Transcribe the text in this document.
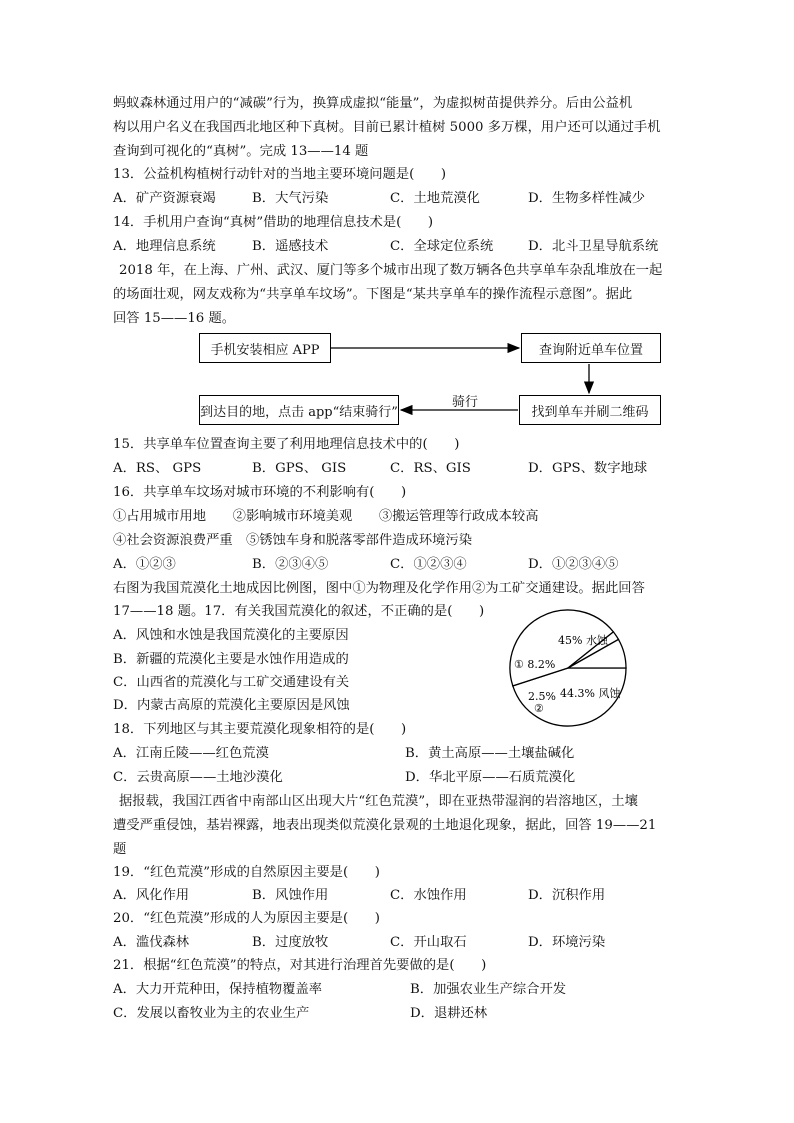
蚂蚁森林通过用户的“减碳”行为，换算成虚拟“能量”，为虚拟树苗提供养分。后由公益机
构以用户名义在我国西北地区种下真树。目前已累计植树 5000 多万棵，用户还可以通过手机
查询到可视化的“真树”。完成 13——14 题
13．公益机构植树行动针对的当地主要环境问题是(　　)
A．矿产资源衰竭	B．大气污染	C．土地荒漠化	D．生物多样性减少
14．手机用户查询“真树”借助的地理信息技术是(　　)
A．地理信息系统	B．遥感技术	C．全球定位系统	D．北斗卫星导航系统
2018 年，在上海、广州、武汉、厦门等多个城市出现了数万辆各色共享单车杂乱堆放在一起
的场面壮观，网友戏称为“共享单车坟场”。下图是“某共享单车的操作流程示意图”。据此
回答 15——16 题。
手机安装相应 APP	查询附近单车位置
找到单车并刷二维码
到达目的地，点击 app“结束骑行”
骑行
15．共享单车位置查询主要了利用地理信息技术中的(　　)
A．RS、 GPS	B．GPS、 GIS	C．RS、GIS	D．GPS、数字地球
16．共享单车坟场对城市环境的不利影响有(　　)
①占用城市用地　　②影响城市环境美观　　③搬运管理等行政成本较高
④社会资源浪费严重　⑤锈蚀车身和脱落零部件造成环境污染
A．①②③	B．②③④⑤	C．①②③④	D．①②③④⑤
右图为我国荒漠化土地成因比例图，图中①为物理及化学作用②为工矿交通建设。据此回答
17——18 题。17．有关我国荒漠化的叙述，不正确的是(　　)
A．风蚀和水蚀是我国荒漠化的主要原因
B．新疆的荒漠化主要是水蚀作用造成的
C．山西省的荒漠化与工矿交通建设有关
D．内蒙古高原的荒漠化主要原因是风蚀
45% 水蚀
44.3% 风蚀
2.5%
① 8.2%
②
18．下列地区与其主要荒漠化现象相符的是(　　)
A．江南丘陵——红色荒漠	B．黄土高原——土壤盐碱化
C．云贵高原——土地沙漠化	D．华北平原——石质荒漠化
据报载，我国江西省中南部山区出现大片“红色荒漠”，即在亚热带湿润的岩溶地区，土壤
遭受严重侵蚀，基岩裸露，地表出现类似荒漠化景观的土地退化现象，据此，回答 19——21
题
19．“红色荒漠”形成的自然原因主要是(　　)
A．风化作用	B．风蚀作用	C．水蚀作用	D．沉积作用
20．“红色荒漠”形成的人为原因主要是(　　)
A．滥伐森林	B．过度放牧	C．开山取石	D．环境污染
21．根据“红色荒漠”的特点，对其进行治理首先要做的是(　　)
A．大力开荒种田，保持植物覆盖率	B．加强农业生产综合开发
C．发展以畜牧业为主的农业生产	D．退耕还林
